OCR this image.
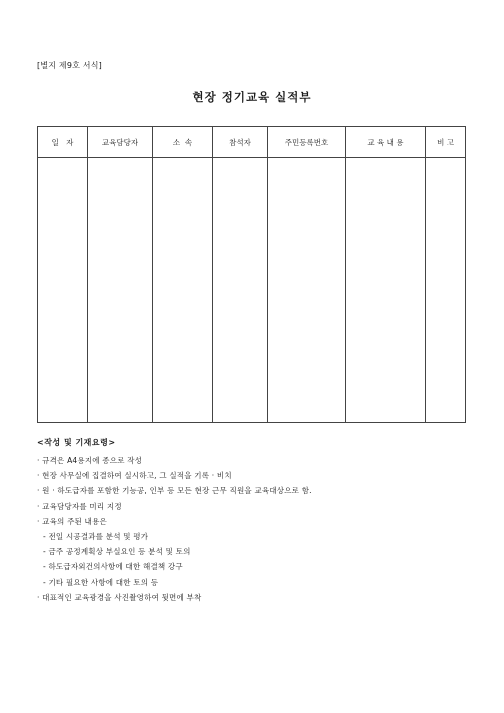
[별지 제9호 서식]
현장 정기교육 실적부
일   자	교육담당자	소  속	참석자	주민등록번호	교 육 내 용	비 고

<작성 및 기재요령>
· 규격은 A4용지에 종으로 작성
· 현장 사무실에 집결하여 실시하고, 그 실적을 기록 · 비치
· 원 · 하도급자를 포함한 기능공, 인부 등 모든 현장 근무 직원을 교육대상으로 함.
· 교육담당자를 미리 지정
· 교육의 주된 내용은
- 전일 시공결과를 분석 및 평가
- 금주 공정계획상 부실요인 등 분석 및 토의
- 하도급자외건의사항에 대한 해결책 강구
- 기타 필요한 사항에 대한 토의 등
· 대표적인 교육광경을 사진촬영하여 뒷면에 부착
